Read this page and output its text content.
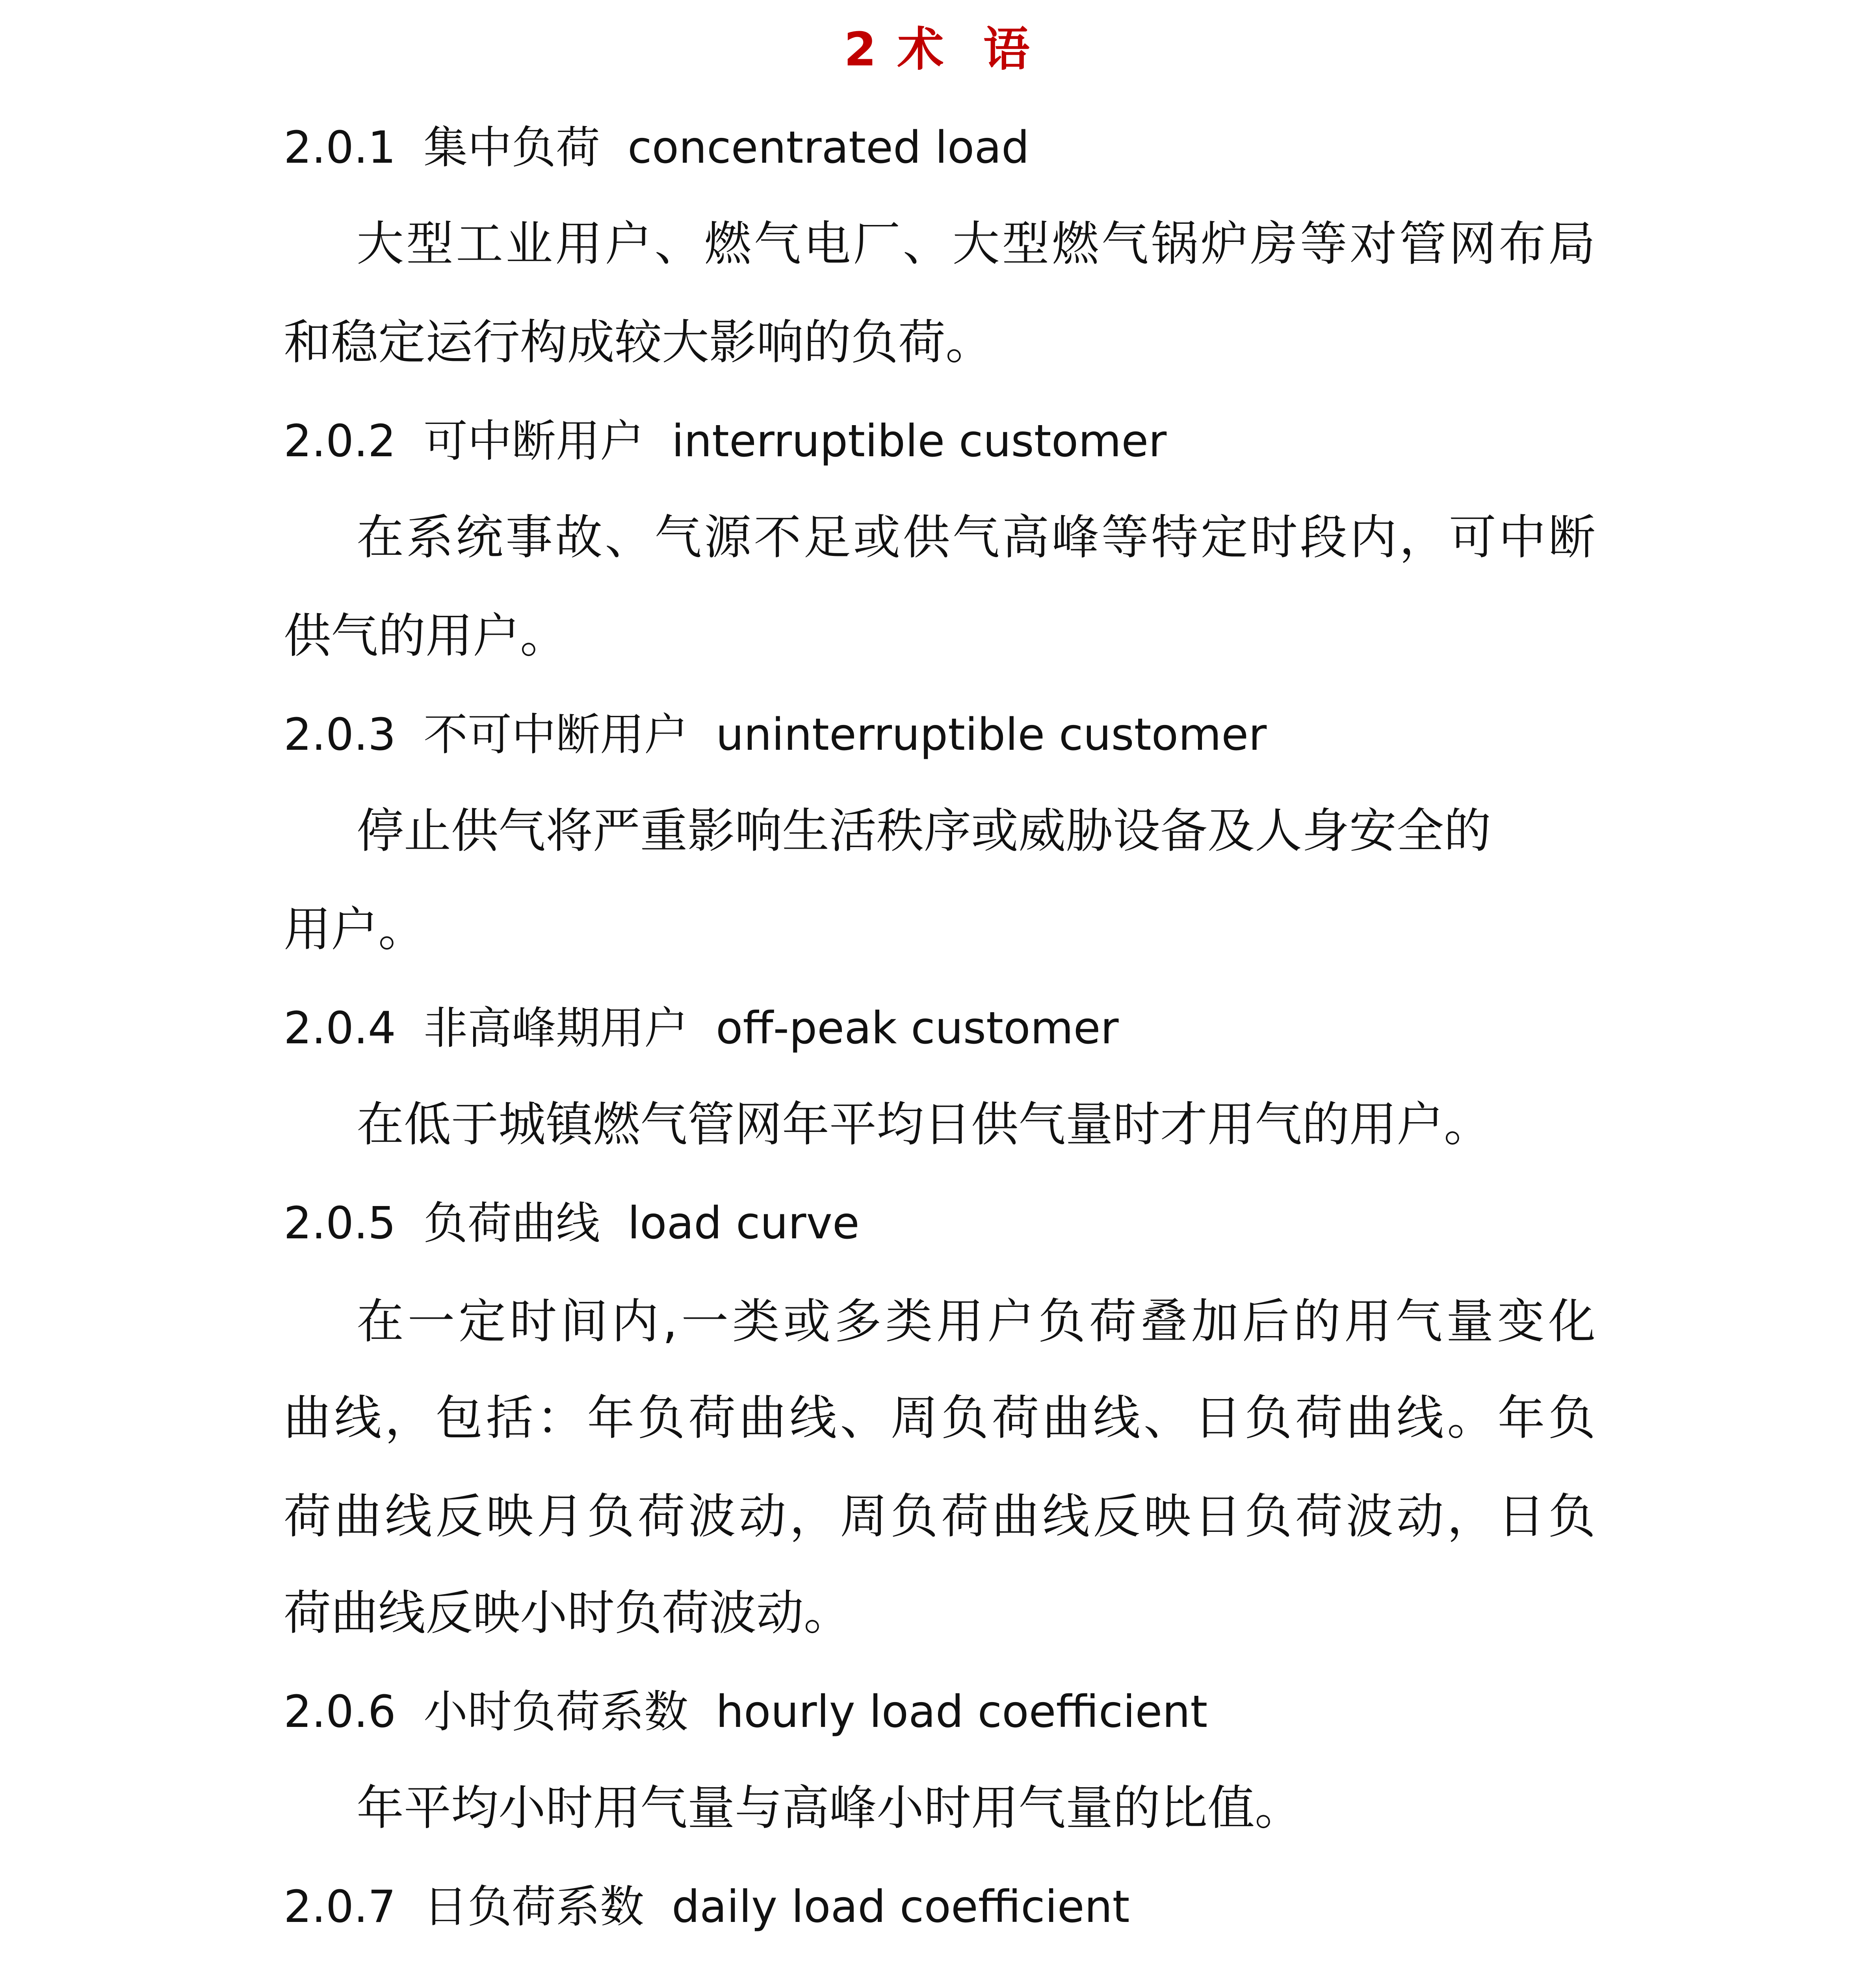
2 术  语
2.0.1 集中负荷 concentrated load
大型工业用户、燃气电厂、大型燃气锅炉房等对管网布局
和稳定运行构成较大影响的负荷。
2.0.2 可中断用户 interruptible customer
在系统事故、气源不足或供气高峰等特定时段内，可中断
供气的用户。
2.0.3 不可中断用户 uninterruptible customer
停止供气将严重影响生活秩序或威胁设备及人身安全的
用户。
2.0.4 非高峰期用户 off-peak customer
在低于城镇燃气管网年平均日供气量时才用气的用户。
2.0.5 负荷曲线 load curve
在一定时间内,一类或多类用户负荷叠加后的用气量变化
曲线，包括：年负荷曲线、周负荷曲线、日负荷曲线。年负
荷曲线反映月负荷波动，周负荷曲线反映日负荷波动，日负
荷曲线反映小时负荷波动。
2.0.6 小时负荷系数 hourly load coefficient
年平均小时用气量与高峰小时用气量的比值。
2.0.7 日负荷系数 daily load coefficient
